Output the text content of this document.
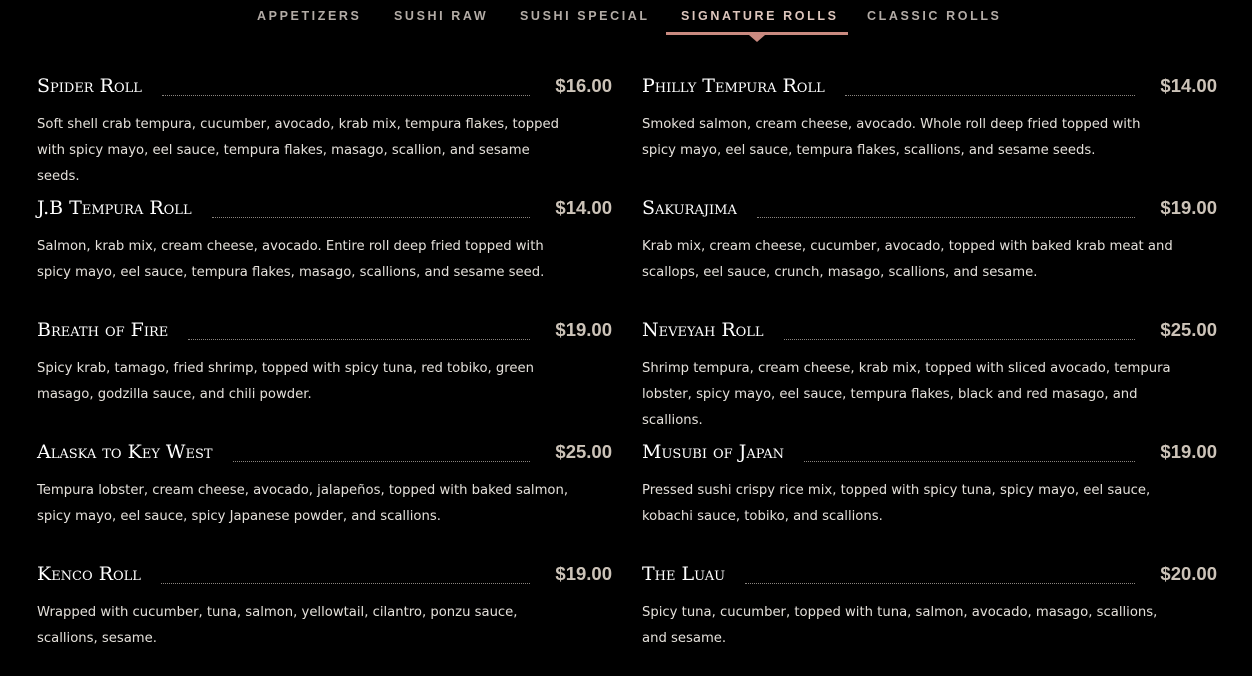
APPETIZERS	SUSHI RAW	SUSHI SPECIAL	SIGNATURE ROLLS CLASSIC ROLLS
Spider Roll	$16.00
Soft shell crab tempura, cucumber, avocado, krab mix, tempura flakes, topped with spicy mayo, eel sauce, tempura flakes, masago, scallion, and sesame seeds.
J.B Tempura Roll	$14.00
Salmon, krab mix, cream cheese, avocado. Entire roll deep fried topped with spicy mayo, eel sauce, tempura flakes, masago, scallions, and sesame seed.
Breath of Fire	$19.00
Spicy krab, tamago, fried shrimp, topped with spicy tuna, red tobiko, green masago, godzilla sauce, and chili powder.
Alaska to Key West	$25.00
Tempura lobster, cream cheese, avocado, jalapeños, topped with baked salmon, spicy mayo, eel sauce, spicy Japanese powder, and scallions.
Kenco Roll	$19.00
Wrapped with cucumber, tuna, salmon, yellowtail, cilantro, ponzu sauce, scallions, sesame.
Philly Tempura Roll	$14.00
Smoked salmon, cream cheese, avocado. Whole roll deep fried topped with spicy mayo, eel sauce, tempura flakes, scallions, and sesame seeds.
Sakurajima	$19.00
Krab mix, cream cheese, cucumber, avocado, topped with baked krab meat and scallops, eel sauce, crunch, masago, scallions, and sesame.
Neveyah Roll	$25.00
Shrimp tempura, cream cheese, krab mix, topped with sliced avocado, tempura lobster, spicy mayo, eel sauce, tempura flakes, black and red masago, and scallions.
Musubi of Japan	$19.00
Pressed sushi crispy rice mix, topped with spicy tuna, spicy mayo, eel sauce, kobachi sauce, tobiko, and scallions.
The Luau	$20.00
Spicy tuna, cucumber, topped with tuna, salmon, avocado, masago, scallions, and sesame.
